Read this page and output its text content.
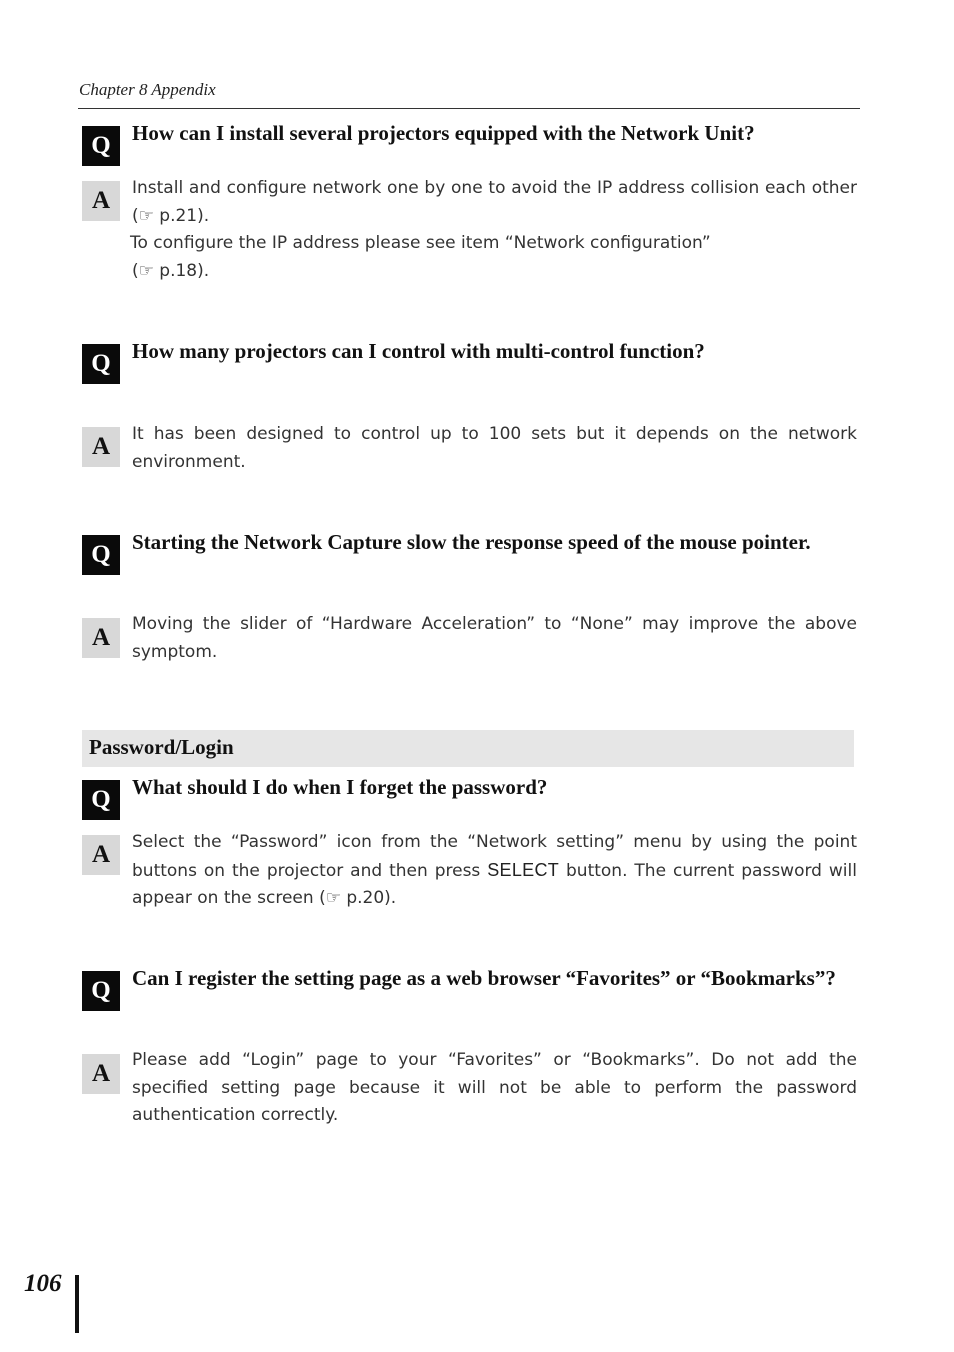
Chapter 8 Appendix
Q	How can I install several projectors equipped with the Network Unit?
A	Install and configure network one by one to avoid the IP address collision each other (☞ p.21).

To configure the IP address please see item “Network configuration”

(☞ p.18).

Q	How many projectors can I control with multi-control function?
A	It has been designed to control up to 100 sets but it depends on the network environment.
Q	Starting the Network Capture slow the response speed of the mouse pointer.
A	Moving the slider of “Hardware Acceleration” to “None” may improve the above symptom.
Password/Login
Q	What should I do when I forget the password?
A	Select the “Password” icon from the “Network setting” menu by using the point buttons on the projector and then press SELECT button. The current password will appear on the screen (☞ p.20).
Q	Can I register the setting page as a web browser “Favorites” or “Bookmarks”?
A	Please add “Login” page to your “Favorites” or “Bookmarks”. Do not add the specified setting page because it will not be able to perform the password authentication correctly.
106
